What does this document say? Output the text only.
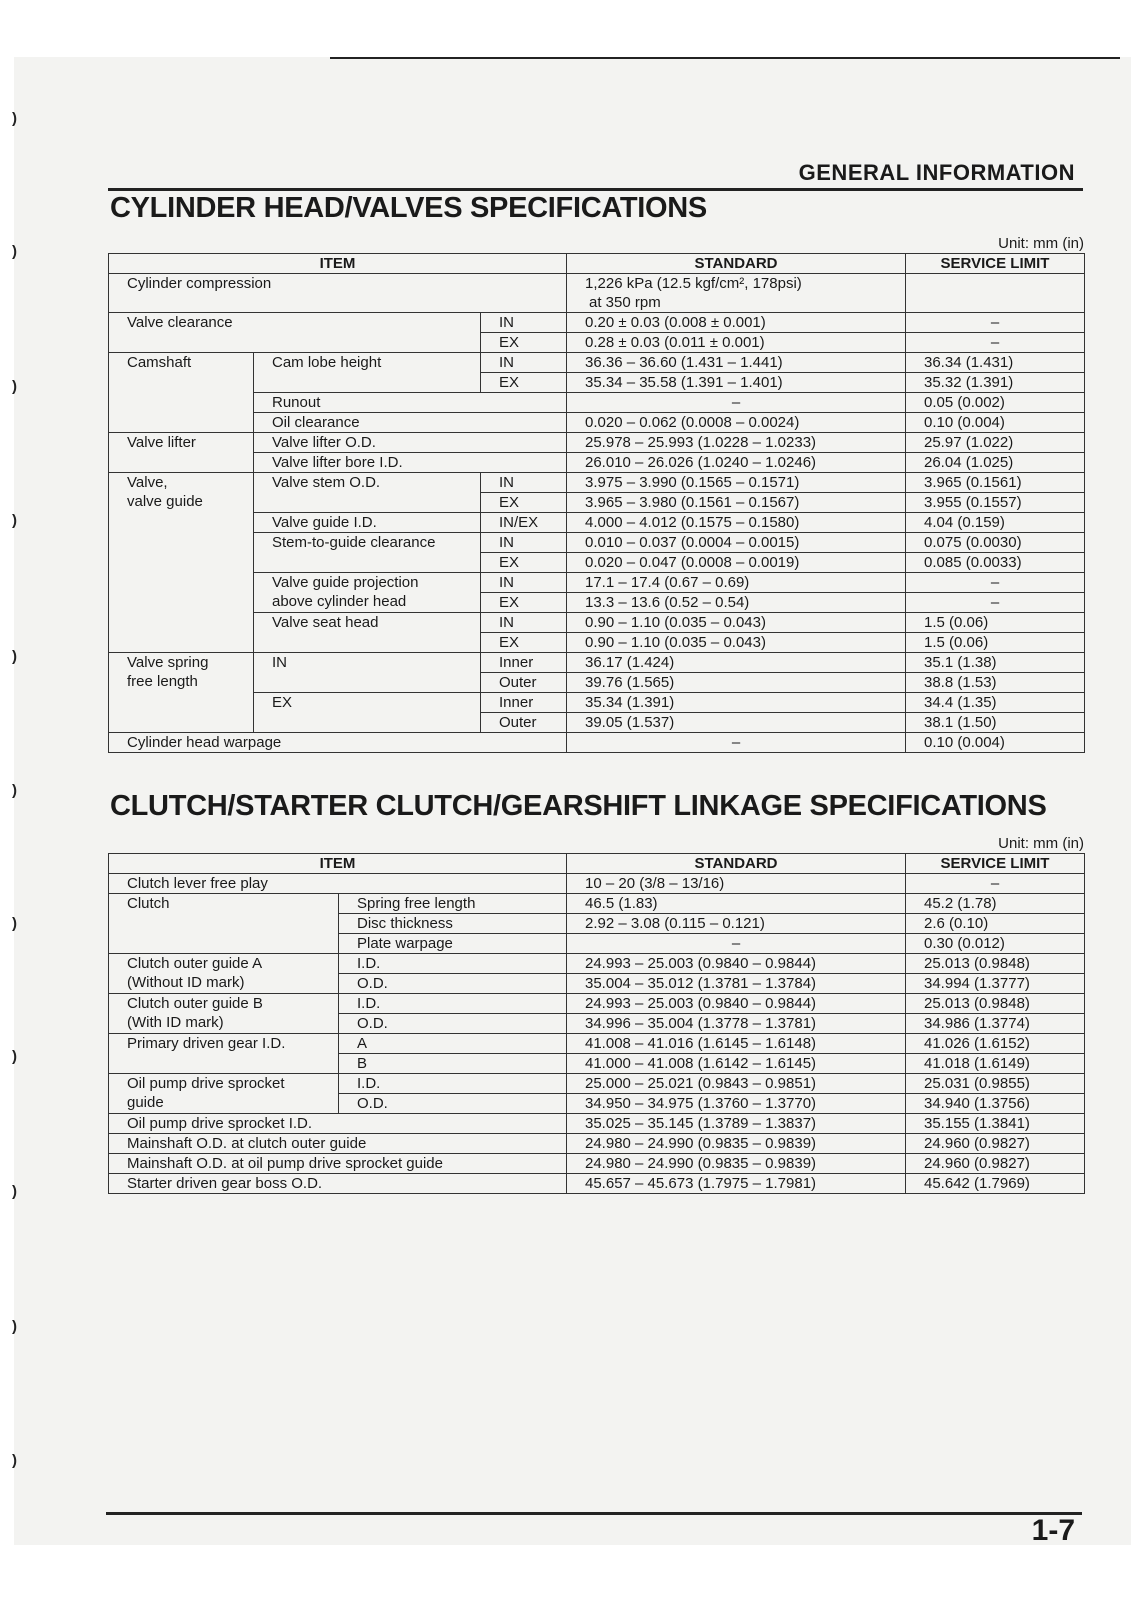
)
)
)
)
)
)
)
)
)
)
)
GENERAL INFORMATION
CYLINDER HEAD/VALVES SPECIFICATIONS
Unit: mm (in)
ITEM			STANDARD	SERVICE LIMIT
Cylinder compression			1,226 kPa (12.5 kgf/cm², 178psi)
at 350 rpm	

Valve clearance		IN	0.20 ± 0.03 (0.008 ± 0.001)	–
		EX	0.28 ± 0.03 (0.011 ± 0.001)	–
Camshaft	Cam lobe height	IN	36.36 – 36.60 (1.431 – 1.441)	36.34 (1.431)
		EX	35.34 – 35.58 (1.391 – 1.401)	35.32 (1.391)
	Runout		–	0.05 (0.002)
	Oil clearance		0.020 – 0.062 (0.0008 – 0.0024)	0.10 (0.004)
Valve lifter	Valve lifter O.D.		25.978 – 25.993 (1.0228 – 1.0233)	25.97 (1.022)
	Valve lifter bore I.D.		26.010 – 26.026 (1.0240 – 1.0246)	26.04 (1.025)

Valve,
valve guide	Valve stem O.D.	IN	3.975 – 3.990 (0.1565 – 0.1571)	3.965 (0.1561)
		EX	3.965 – 3.980 (0.1561 – 0.1567)	3.955 (0.1557)
	Valve guide I.D.	IN/EX	4.000 – 4.012 (0.1575 – 0.1580)	4.04 (0.159)
	Stem-to-guide clearance	IN	0.010 – 0.037 (0.0004 – 0.0015)	0.075 (0.0030)
		EX	0.020 – 0.047 (0.0008 – 0.0019)	0.085 (0.0033)

	Valve guide projection
above cylinder head	IN	17.1 – 17.4 (0.67 – 0.69)	–
		EX	13.3 – 13.6 (0.52 – 0.54)	–
	Valve seat head	IN	0.90 – 1.10 (0.035 – 0.043)	1.5 (0.06)
		EX	0.90 – 1.10 (0.035 – 0.043)	1.5 (0.06)

Valve spring
free length	IN	Inner	36.17 (1.424)	35.1 (1.38)
		Outer	39.76 (1.565)	38.8 (1.53)
	EX	Inner	35.34 (1.391)	34.4 (1.35)
		Outer	39.05 (1.537)	38.1 (1.50)
Cylinder head warpage			–	0.10 (0.004)
CLUTCH/STARTER CLUTCH/GEARSHIFT LINKAGE SPECIFICATIONS
Unit: mm (in)
ITEM		STANDARD	SERVICE LIMIT
Clutch lever free play		10 – 20 (3/8 – 13/16)	–
Clutch	Spring free length	46.5 (1.83)	45.2 (1.78)
	Disc thickness	2.92 – 3.08 (0.115 – 0.121)	2.6 (0.10)
	Plate warpage	–	0.30 (0.012)

Clutch outer guide A
(Without ID mark)	I.D.	24.993 – 25.003 (0.9840 – 0.9844)	25.013 (0.9848)
	O.D.	35.004 – 35.012 (1.3781 – 1.3784)	34.994 (1.3777)

Clutch outer guide B
(With ID mark)	I.D.	24.993 – 25.003 (0.9840 – 0.9844)	25.013 (0.9848)
	O.D.	34.996 – 35.004 (1.3778 – 1.3781)	34.986 (1.3774)
Primary driven gear I.D.	A	41.008 – 41.016 (1.6145 – 1.6148)	41.026 (1.6152)
	B	41.000 – 41.008 (1.6142 – 1.6145)	41.018 (1.6149)

Oil pump drive sprocket
guide	I.D.	25.000 – 25.021 (0.9843 – 0.9851)	25.031 (0.9855)
	O.D.	34.950 – 34.975 (1.3760 – 1.3770)	34.940 (1.3756)
Oil pump drive sprocket I.D.		35.025 – 35.145 (1.3789 – 1.3837)	35.155 (1.3841)
Mainshaft O.D. at clutch outer guide		24.980 – 24.990 (0.9835 – 0.9839)	24.960 (0.9827)
Mainshaft O.D. at oil pump drive sprocket guide		24.980 – 24.990 (0.9835 – 0.9839)	24.960 (0.9827)
Starter driven gear boss O.D.		45.657 – 45.673 (1.7975 – 1.7981)	45.642 (1.7969)
1-7
